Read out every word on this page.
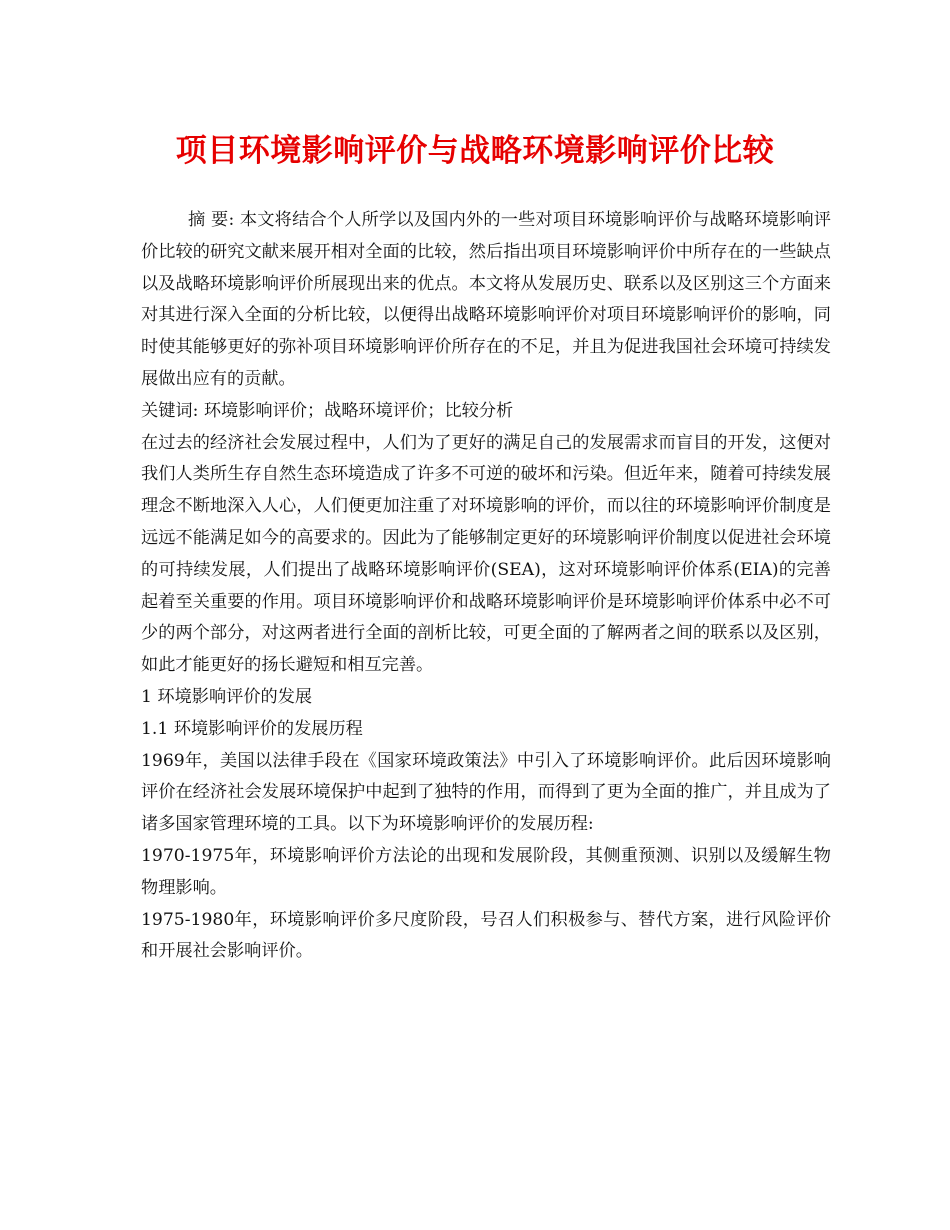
项目环境影响评价与战略环境影响评价比较

摘 要: 本文将结合个人所学以及国内外的一些对项目环境影响评价与战略环境影响评价比较的研究文献来展开相对全面的比较，然后指出项目环境影响评价中所存在的一些缺点以及战略环境影响评价所展现出来的优点。本文将从发展历史、联系以及区别这三个方面来对其进行深入全面的分析比较，以便得出战略环境影响评价对项目环境影响评价的影响，同时使其能够更好的弥补项目环境影响评价所存在的不足，并且为促进我国社会环境可持续发展做出应有的贡献。

关键词: 环境影响评价；战略环境评价；比较分析

在过去的经济社会发展过程中，人们为了更好的满足自己的发展需求而盲目的开发，这便对我们人类所生存自然生态环境造成了许多不可逆的破坏和污染。但近年来，随着可持续发展理念不断地深入人心，人们便更加注重了对环境影响的评价，而以往的环境影响评价制度是远远不能满足如今的高要求的。因此为了能够制定更好的环境影响评价制度以促进社会环境的可持续发展，人们提出了战略环境影响评价(SEA)，这对环境影响评价体系(EIA)的完善起着至关重要的作用。项目环境影响评价和战略环境影响评价是环境影响评价体系中必不可少的两个部分，对这两者进行全面的剖析比较，可更全面的了解两者之间的联系以及区别，如此才能更好的扬长避短和相互完善。

1 环境影响评价的发展

1.1 环境影响评价的发展历程

1969年，美国以法律手段在《国家环境政策法》中引入了环境影响评价。此后因环境影响评价在经济社会发展环境保护中起到了独特的作用，而得到了更为全面的推广，并且成为了诸多国家管理环境的工具。以下为环境影响评价的发展历程:

1970-1975年，环境影响评价方法论的出现和发展阶段，其侧重预测、识别以及缓解生物物理影响。

1975-1980年，环境影响评价多尺度阶段，号召人们积极参与、替代方案，进行风险评价和开展社会影响评价。
